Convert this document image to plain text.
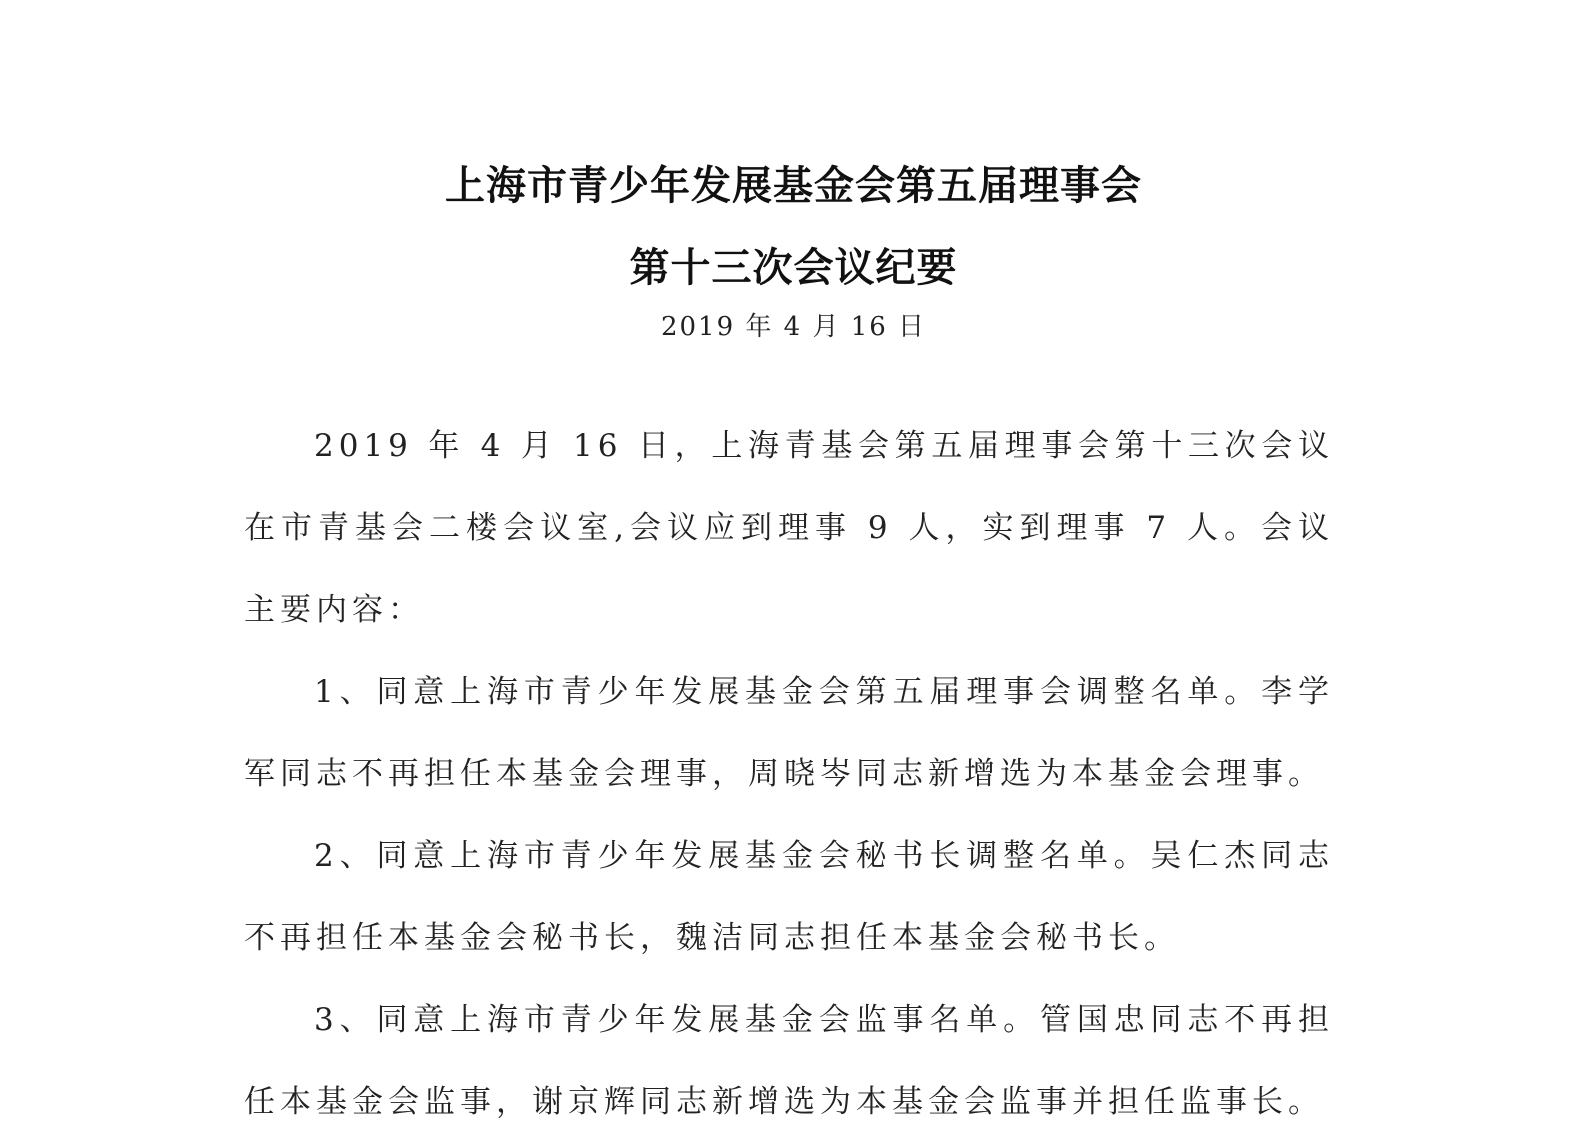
上海市青少年发展基金会第五届理事会
第十三次会议纪要
2019 年 4 月 16 日

2019 年 4 月 16 日，上海青基会第五届理事会第十三次会议在市青基会二楼会议室,会议应到理事 9 人，实到理事 7 人。会议主要内容：

1、同意上海市青少年发展基金会第五届理事会调整名单。李学军同志不再担任本基金会理事，周晓岑同志新增选为本基金会理事。

2、同意上海市青少年发展基金会秘书长调整名单。吴仁杰同志不再担任本基金会秘书长，魏洁同志担任本基金会秘书长。

3、同意上海市青少年发展基金会监事名单。管国忠同志不再担任本基金会监事，谢京辉同志新增选为本基金会监事并担任监事长。
